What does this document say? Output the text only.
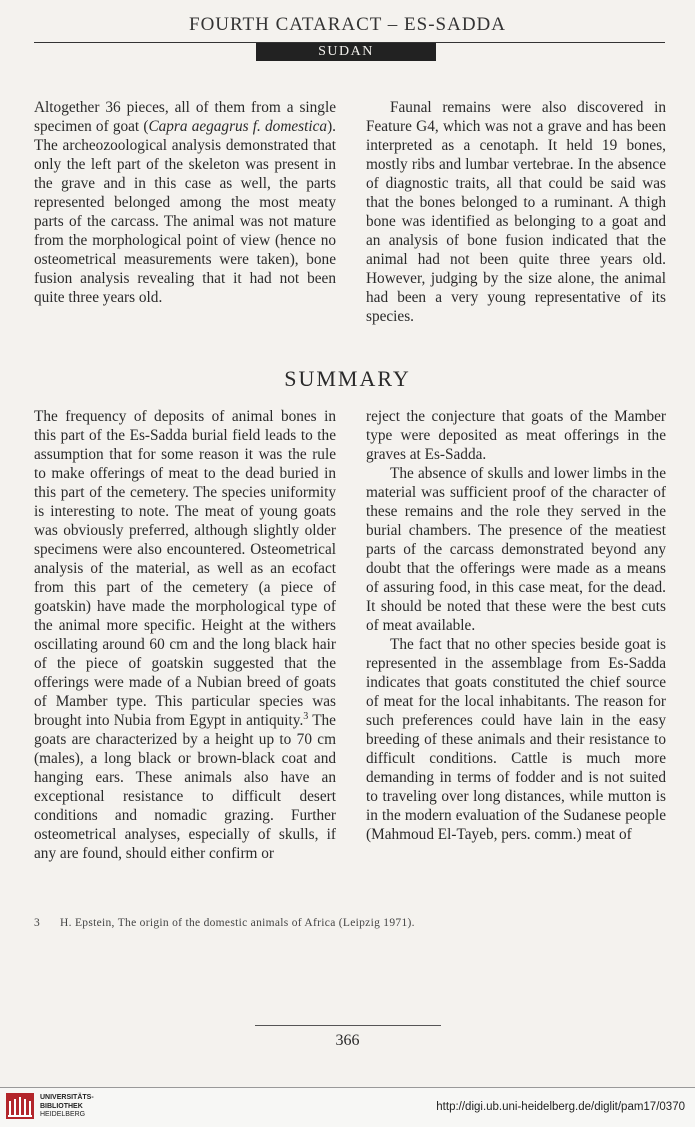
FOURTH CATARACT – ES-SADDA
SUDAN

Altogether 36 pieces, all of them from a single specimen of goat (Capra aegagrus f. domestica). The archeozoological analysis demonstrated that only the left part of the skeleton was present in the grave and in this case as well, the parts represented belonged among the most meaty parts of the carcass. The animal was not mature from the morphological point of view (hence no osteometrical measurements were taken), bone fusion analysis revealing that it had not been quite three years old.

Faunal remains were also discovered in Feature G4, which was not a grave and has been interpreted as a cenotaph. It held 19 bones, mostly ribs and lumbar vertebrae. In the absence of diagnostic traits, all that could be said was that the bones belonged to a ruminant. A thigh bone was identified as belonging to a goat and an analysis of bone fusion indicated that the animal had not been quite three years old. However, judging by the size alone, the animal had been a very young representative of its species.

SUMMARY

The frequency of deposits of animal bones in this part of the Es-Sadda burial field leads to the assumption that for some reason it was the rule to make offerings of meat to the dead buried in this part of the cemetery. The species uniformity is interesting to note. The meat of young goats was obviously preferred, although slightly older specimens were also encountered. Osteometrical analysis of the material, as well as an ecofact from this part of the cemetery (a piece of goatskin) have made the morphological type of the animal more specific. Height at the withers oscillating around 60 cm and the long black hair of the piece of goatskin suggested that the offerings were made of a Nubian breed of goats of Mamber type. This particular species was brought into Nubia from Egypt in antiquity.$^3$ The goats are characterized by a height up to 70 cm (males), a long black or brown-black coat and hanging ears. These animals also have an exceptional resistance to difficult desert conditions and nomadic grazing. Further osteometrical analyses, especially of skulls, if any are found, should either confirm or

reject the conjecture that goats of the Mamber type were deposited as meat offerings in the graves at Es-Sadda.

The absence of skulls and lower limbs in the material was sufficient proof of the character of these remains and the role they served in the burial chambers. The presence of the meatiest parts of the carcass demonstrated beyond any doubt that the offerings were made as a means of assuring food, in this case meat, for the dead. It should be noted that these were the best cuts of meat available.

The fact that no other species beside goat is represented in the assemblage from Es-Sadda indicates that goats constituted the chief source of meat for the local inhabitants. The reason for such preferences could have lain in the easy breeding of these animals and their resistance to difficult conditions. Cattle is much more demanding in terms of fodder and is not suited to traveling over long distances, while mutton is in the modern evaluation of the Sudanese people (Mahmoud El-Tayeb, pers. comm.) meat of

3 H. Epstein, The origin of the domestic animals of Africa (Leipzig 1971).
366
UNIVERSITÄTS-
BIBLIOTHEK
HEIDELBERG
http://digi.ub.uni-heidelberg.de/diglit/pam17/0370
